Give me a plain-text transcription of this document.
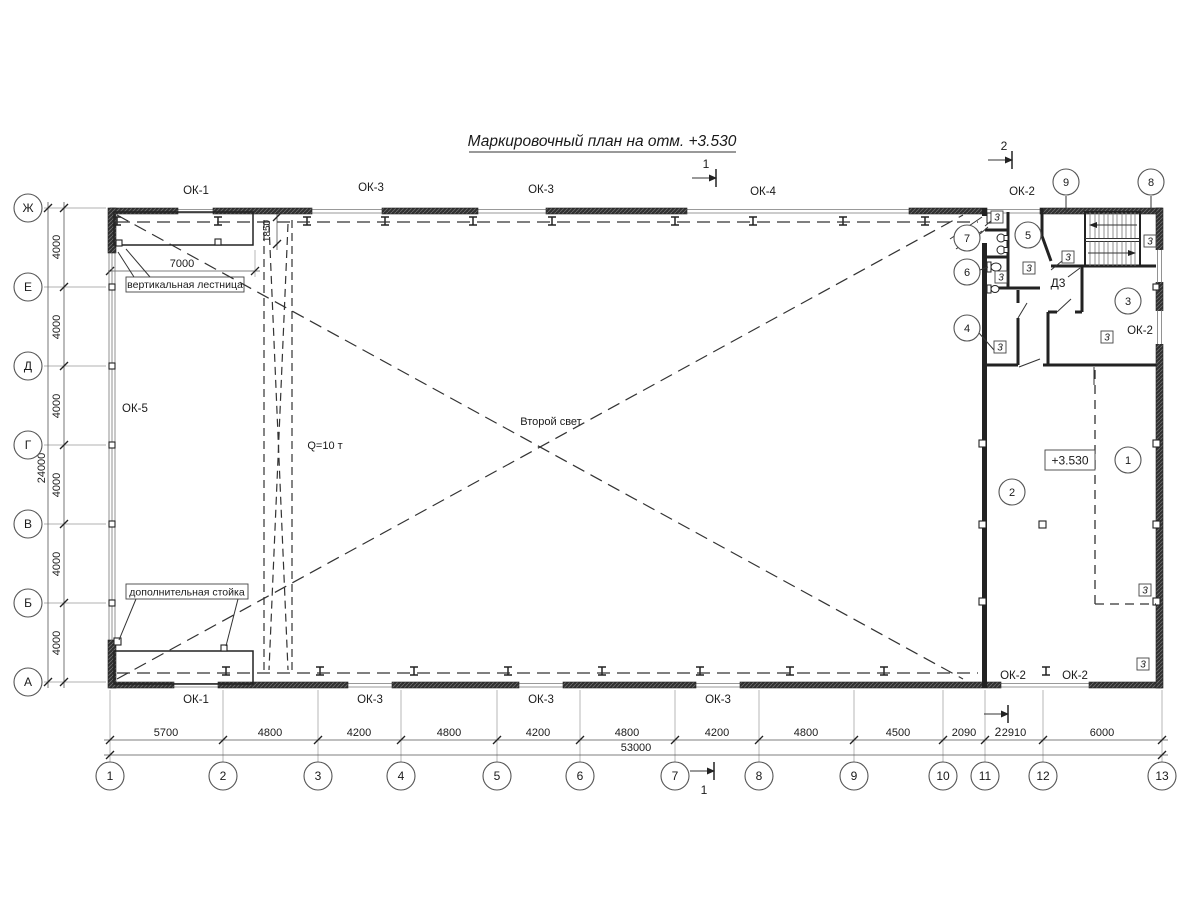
Маркировочный план на отм. +3.530
5700	4800	4200	4800	4200	4800	4200	4800	4500	2090 2910	6000
53000
4000
4000
4000
4000
4000
4000
24000
7000
1850
1	2	3	4	5	6	7	8	9	10 11	12	13
Ж
Е
Д
Г
В
Б
А
вертикальная лестница
дополнительная стойка
+3.530
Д3
1
2
3
4
5
6
7
8
9
3
3
3
3
3
3
3
3
3
ОК-1	ОК-3	ОК-3	ОК-4	ОК-2
ОК-1	ОК-3	ОК-3	ОК-3
ОК-2	ОК-2
ОК-5
ОК-2
Второй свет
Q=10 т
1
1
2
2
